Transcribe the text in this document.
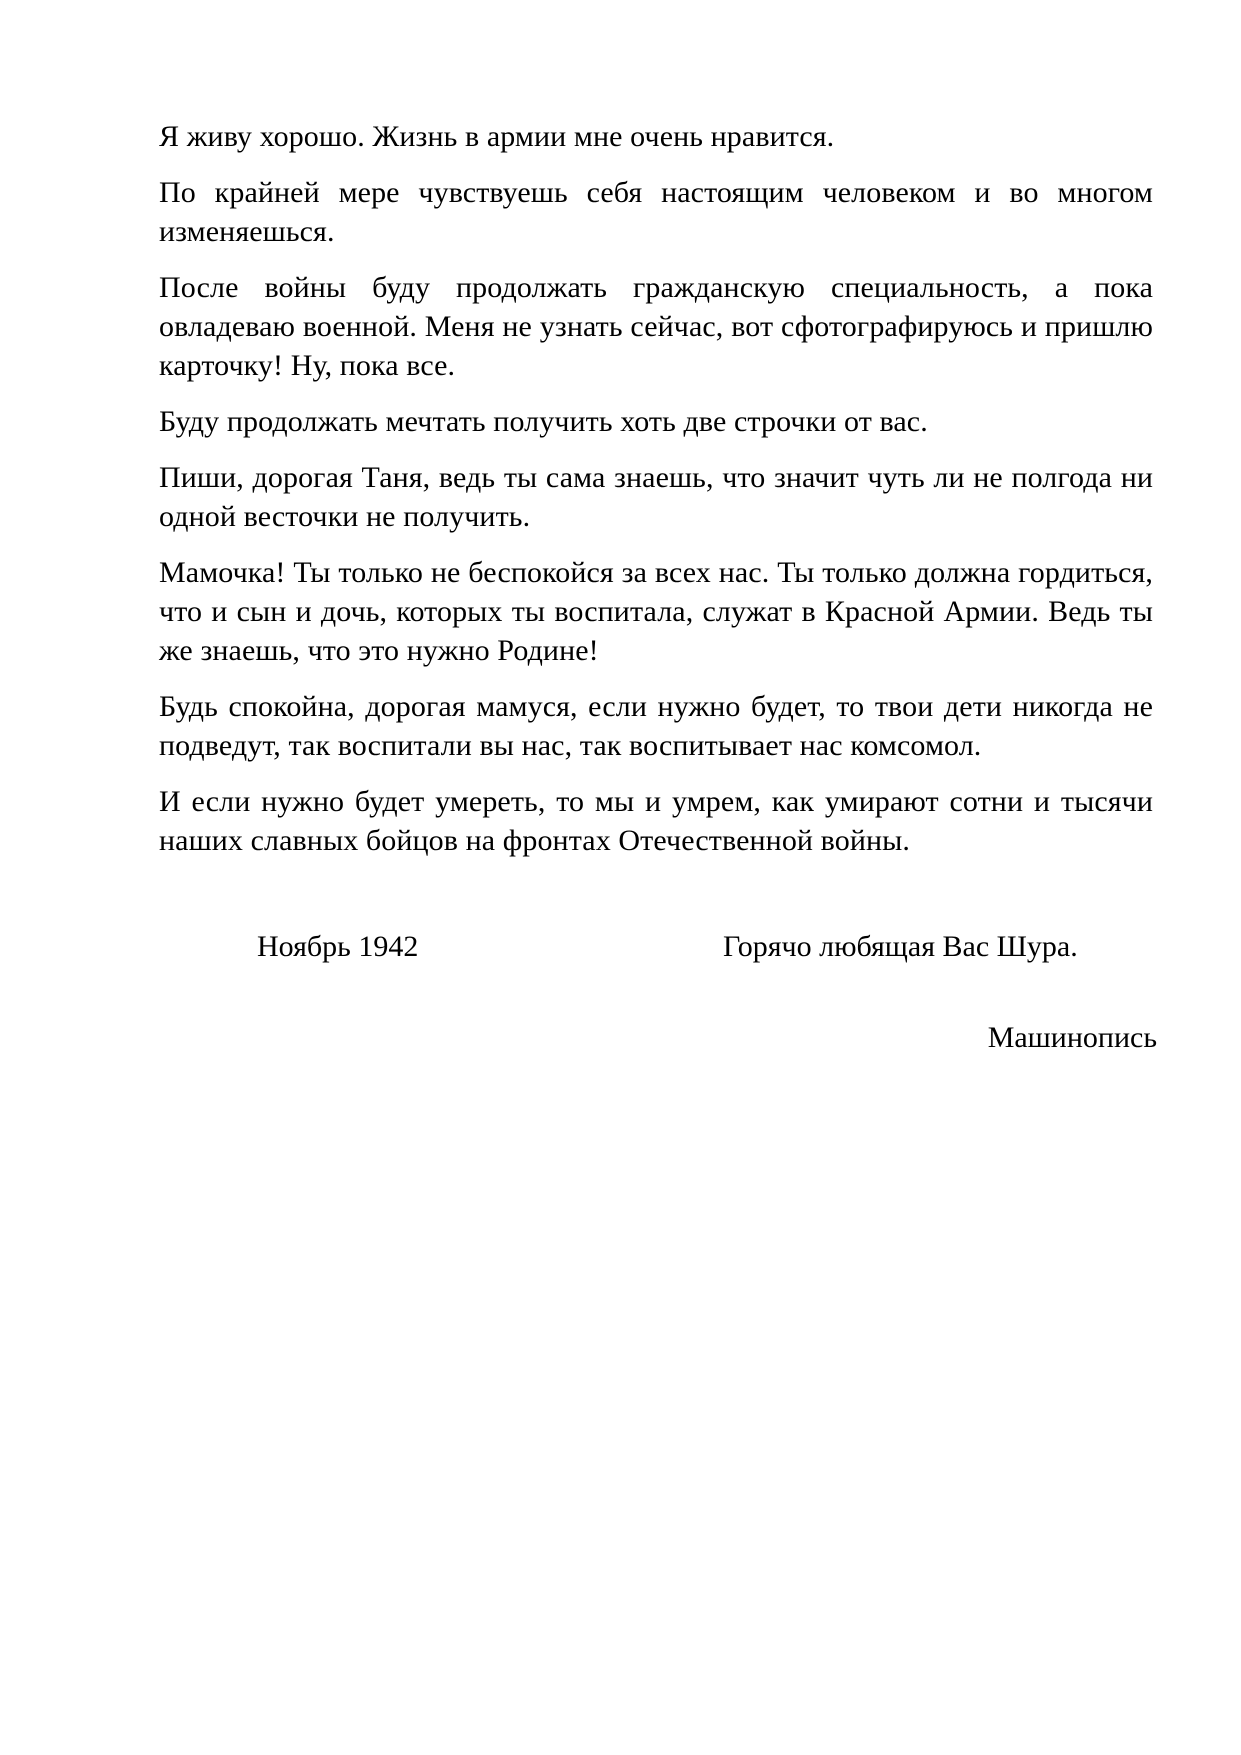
Я живу хорошо. Жизнь в армии мне очень нравится.

По крайней мере чувствуешь себя настоящим человеком и во многом изменяешься.

После войны буду продолжать гражданскую специальность, а пока овладеваю военной. Меня не узнать сейчас, вот сфотографируюсь и пришлю карточку! Ну, пока все.

Буду продолжать мечтать получить хоть две строчки от вас.

Пиши, дорогая Таня, ведь ты сама знаешь, что значит чуть ли не полгода ни одной весточки не получить.

Мамочка! Ты только не беспокойся за всех нас. Ты только должна гордиться, что и сын и дочь, которых ты воспитала, служат в Красной Армии. Ведь ты же знаешь, что это нужно Родине!

Будь спокойна, дорогая мамуся, если нужно будет, то твои дети никогда не подведут, так воспитали вы нас, так воспитывает нас комсомол.

И если нужно будет умереть, то мы и умрем, как умирают сотни и тысячи наших славных бойцов на фронтах Отечественной войны.

Ноябрь 1942	Горячо любящая Вас Шура.
Машинопись
